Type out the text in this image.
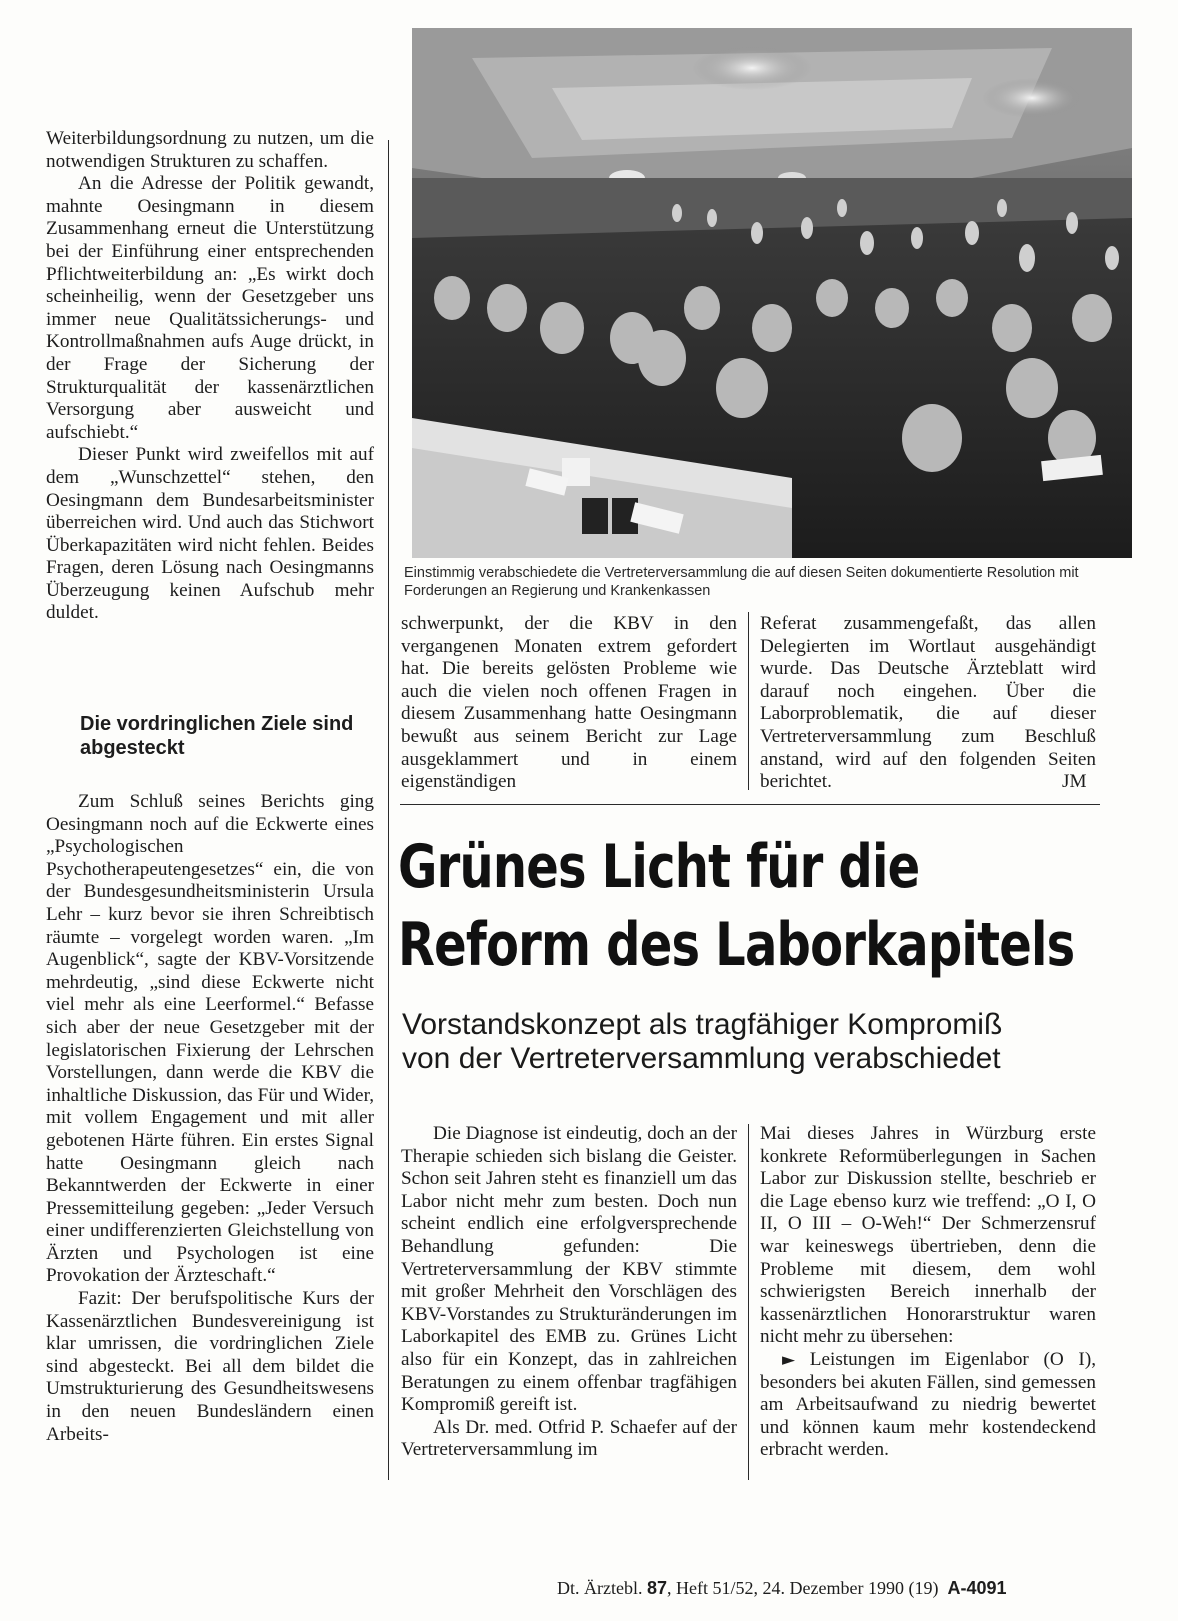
Weiterbildungsordnung zu nutzen, um die notwendigen Strukturen zu schaffen.

An die Adresse der Politik gewandt, mahnte Oesingmann in diesem Zusammenhang erneut die Unterstützung bei der Einführung einer entsprechenden Pflichtweiterbildung an: „Es wirkt doch scheinheilig, wenn der Gesetzgeber uns immer neue Qualitätssicherungs- und Kontrollmaßnahmen aufs Auge drückt, in der Frage der Sicherung der Strukturqualität der kassenärztlichen Versorgung aber ausweicht und aufschiebt.“

Dieser Punkt wird zweifellos mit auf dem „Wunschzettel“ stehen, den Oesingmann dem Bundesarbeitsminister überreichen wird. Und auch das Stichwort Überkapazitäten wird nicht fehlen. Beides Fragen, deren Lösung nach Oesingmanns Überzeugung keinen Aufschub mehr duldet.

Die vordringlichen Ziele sind abgesteckt

Zum Schluß seines Berichts ging Oesingmann noch auf die Eckwerte eines „Psychologischen Psychotherapeutengesetzes“ ein, die von der Bundesgesundheitsministerin Ursula Lehr – kurz bevor sie ihren Schreibtisch räumte – vorgelegt worden waren. „Im Augenblick“, sagte der KBV-Vorsitzende mehrdeutig, „sind diese Eckwerte nicht viel mehr als eine Leerformel.“ Befasse sich aber der neue Gesetzgeber mit der legislatorischen Fixierung der Lehrschen Vorstellungen, dann werde die KBV die inhaltliche Diskussion, das Für und Wider, mit vollem Engagement und mit aller gebotenen Härte führen. Ein erstes Signal hatte Oesingmann gleich nach Bekanntwerden der Eckwerte in einer Pressemitteilung gegeben: „Jeder Versuch einer undifferenzierten Gleichstellung von Ärzten und Psychologen ist eine Provokation der Ärzteschaft.“

Fazit: Der berufspolitische Kurs der Kassenärztlichen Bundesvereinigung ist klar umrissen, die vordringlichen Ziele sind abgesteckt. Bei all dem bildet die Umstrukturierung des Gesundheitswesens in den neuen Bundesländern einen Arbeits-

Einstimmig verabschiedete die Vertreterversammlung die auf diesen Seiten dokumentierte Resolution mit Forderungen an Regierung und Krankenkassen

schwerpunkt, der die KBV in den vergangenen Monaten extrem gefordert hat. Die bereits gelösten Probleme wie auch die vielen noch offenen Fragen in diesem Zusammenhang hatte Oesingmann bewußt aus seinem Bericht zur Lage ausgeklammert und in einem eigenständigen

Referat zusammengefaßt, das allen Delegierten im Wortlaut ausgehändigt wurde. Das Deutsche Ärzteblatt wird darauf noch eingehen. Über die Laborproblematik, die auf dieser Vertreterversammlung zum Beschluß anstand, wird auf den folgenden Seiten berichtet.	JM
Grünes Licht für die
Reform des Laborkapitels
Vorstandskonzept als tragfähiger Kompromiß
von der Vertreterversammlung verabschiedet

Die Diagnose ist eindeutig, doch an der Therapie schieden sich bislang die Geister. Schon seit Jahren steht es finanziell um das Labor nicht mehr zum besten. Doch nun scheint endlich eine erfolgversprechende Behandlung gefunden: Die Vertreterversammlung der KBV stimmte mit großer Mehrheit den Vorschlägen des KBV-Vorstandes zu Strukturänderungen im Laborkapitel des EMB zu. Grünes Licht also für ein Konzept, das in zahlreichen Beratungen zu einem offenbar tragfähigen Kompromiß gereift ist.

Als Dr. med. Otfrid P. Schaefer auf der Vertreterversammlung im

Mai dieses Jahres in Würzburg erste konkrete Reformüberlegungen in Sachen Labor zur Diskussion stellte, beschrieb er die Lage ebenso kurz wie treffend: „O I, O II, O III – O-Weh!“ Der Schmerzensruf war keineswegs übertrieben, denn die Probleme mit diesem, dem wohl schwierigsten Bereich innerhalb der kassenärztlichen Honorarstruktur waren nicht mehr zu übersehen:

► Leistungen im Eigenlabor (O I), besonders bei akuten Fällen, sind gemessen am Arbeitsaufwand zu niedrig bewertet und können kaum mehr kostendeckend erbracht werden.

Dt. Ärztebl. 87, Heft 51/52, 24. Dezember 1990 (19) A-4091
